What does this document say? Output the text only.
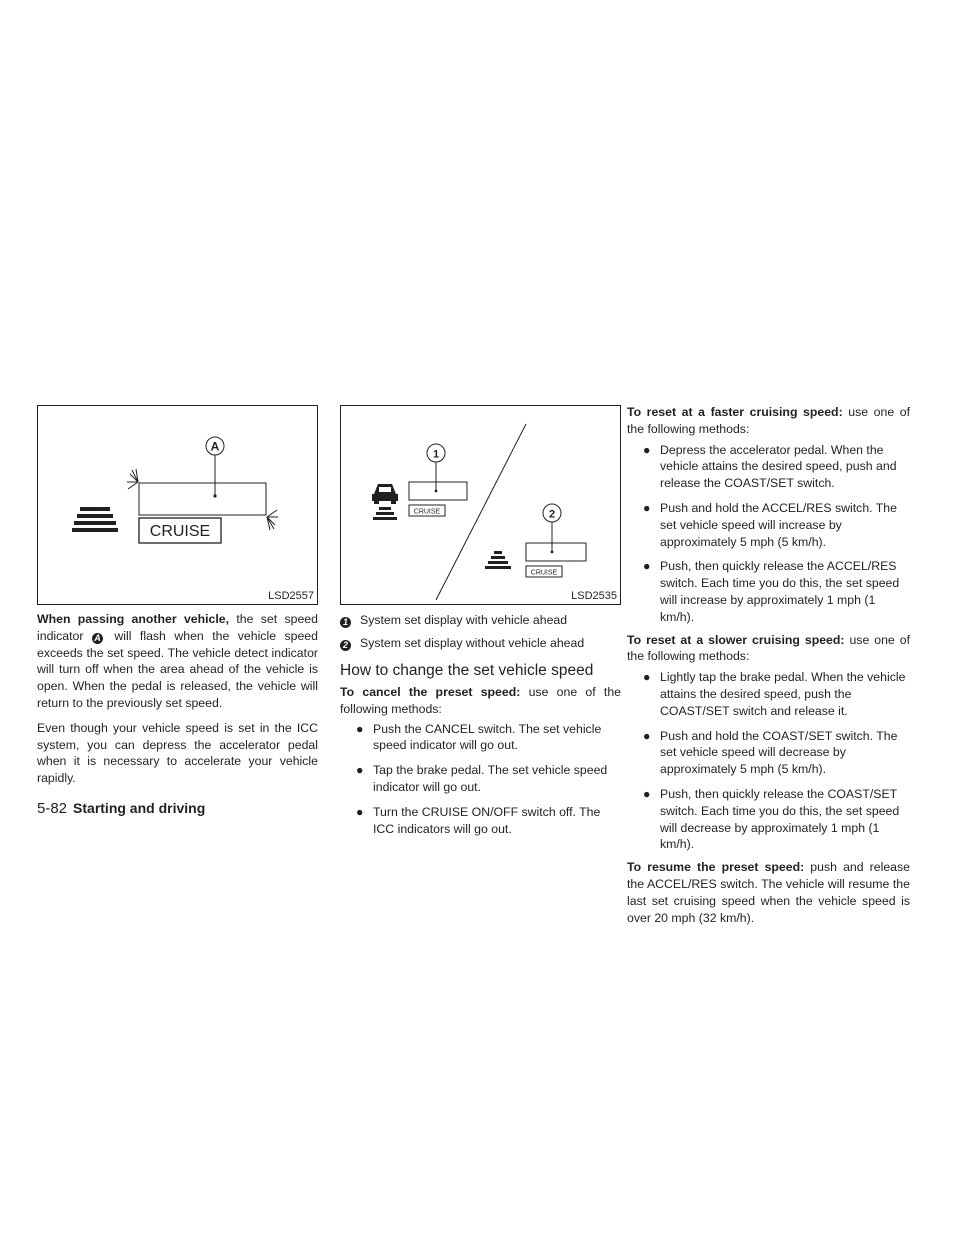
A
CRUISE
LSD2557

When passing another vehicle, the set speed indicator A will flash when the vehicle speed exceeds the set speed. The vehicle detect indicator will turn off when the area ahead of the vehicle is open. When the pedal is released, the vehicle will return to the previously set speed.

Even though your vehicle speed is set in the ICC system, you can depress the accelerator pedal when it is necessary to accelerate your vehicle rapidly.

1
CRUISE	2
CRUISE
LSD2535

1 System set display with vehicle ahead

2 System set display without vehicle ahead

How to change the set vehicle speed

To cancel the preset speed: use one of the following methods:

● Push the CANCEL switch. The set vehicle speed indicator will go out.
● Tap the brake pedal. The set vehicle speed indicator will go out.
● Turn the CRUISE ON/OFF switch off. The ICC indicators will go out.

To reset at a faster cruising speed: use one of the following methods:

● Depress the accelerator pedal. When the vehicle attains the desired speed, push and release the COAST/SET switch.
● Push and hold the ACCEL/RES switch. The set vehicle speed will increase by approximately 5 mph (5 km/h).
● Push, then quickly release the ACCEL/RES switch. Each time you do this, the set speed will increase by approximately 1 mph (1 km/h).

To reset at a slower cruising speed: use one of the following methods:

● Lightly tap the brake pedal. When the vehicle attains the desired speed, push the COAST/SET switch and release it.
● Push and hold the COAST/SET switch. The set vehicle speed will decrease by approximately 5 mph (5 km/h).
● Push, then quickly release the COAST/SET switch. Each time you do this, the set speed will decrease by approximately 1 mph (1 km/h).

To resume the preset speed: push and release the ACCEL/RES switch. The vehicle will resume the last set cruising speed when the vehicle speed is over 20 mph (32 km/h).

5-82 Starting and driving
